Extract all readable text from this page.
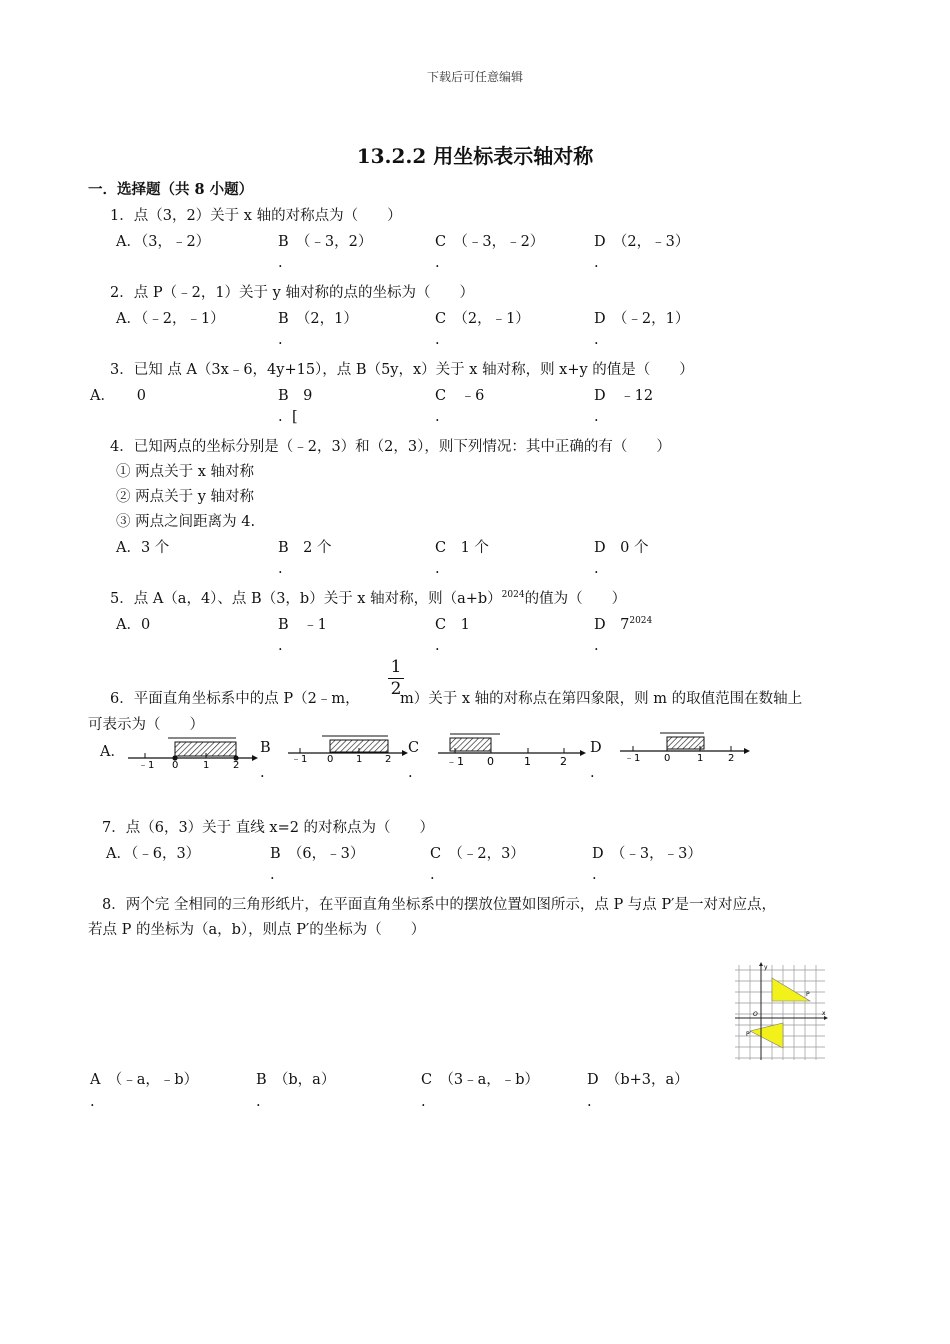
下载后可任意编辑
13.2.2 用坐标表示轴对称
一．选择题（共 8 小题）
1．点（3，2）关于 x 轴的对称点为（　　）
A．（3，﹣2）	B　（﹣3，2）	C　（﹣3，﹣2）	D　（2，﹣3）
.	.	.
2．点 P（﹣2，1）关于 y 轴对称的点的坐标为（　　）
A．（﹣2，﹣1）	B　（2，1）	C　（2，﹣1）	D　（﹣2，1）
.	.	.
3．已知 点 A（3x﹣6，4y+15），点 B（5y，x）关于 x 轴对称，则 x+y 的值是（　　）
A．　　0	B　9	C　﹣6	D　﹣12
. [	.	.
4．已知两点的坐标分别是（﹣2，3）和（2，3），则下列情况：其中正确的有（　　）
① 两点关于 x 轴对称
② 两点关于 y 轴对称
③ 两点之间距离为 4.
A．3 个	B　2 个	C　1 个	D　0 个
.	.	.
5．点 A（a，4）、点 B（3，b）关于 x 轴对称，则$(a+b)^{2024}$的值为（　　）
A．0	B　﹣1	C　1	D　$7^{2024}$
.	.	.
6．平面直角坐标系中的点 P（2﹣m，
1
2
m）关于 x 轴的对称点在第四象限，则 m 的取值范围在数轴上
可表示为（　　）
A．	B	C	D
.	.	.
﹣1 0 1 2
﹣1 0 1 2	﹣1 0	1	2	﹣1 0	1 2
7．点（6，3）关于 直线 x=2 的对称点为（　　）
A．（﹣6，3）	B　（6，﹣3）	C　（﹣2，3）	D　（﹣3，﹣3）
.	.	.
8．两个完 全相同的三角形纸片，在平面直角坐标系中的摆放位置如图所示，点 P 与点 P′是一对对应点，
若点 P 的坐标为（a，b），则点 P′的坐标为（　　）
y
x
O
P
P′
A　（﹣a，﹣b）	B　（b，a）	C　（3﹣a，﹣b）	D　（b+3，a）
.	.	.	.
